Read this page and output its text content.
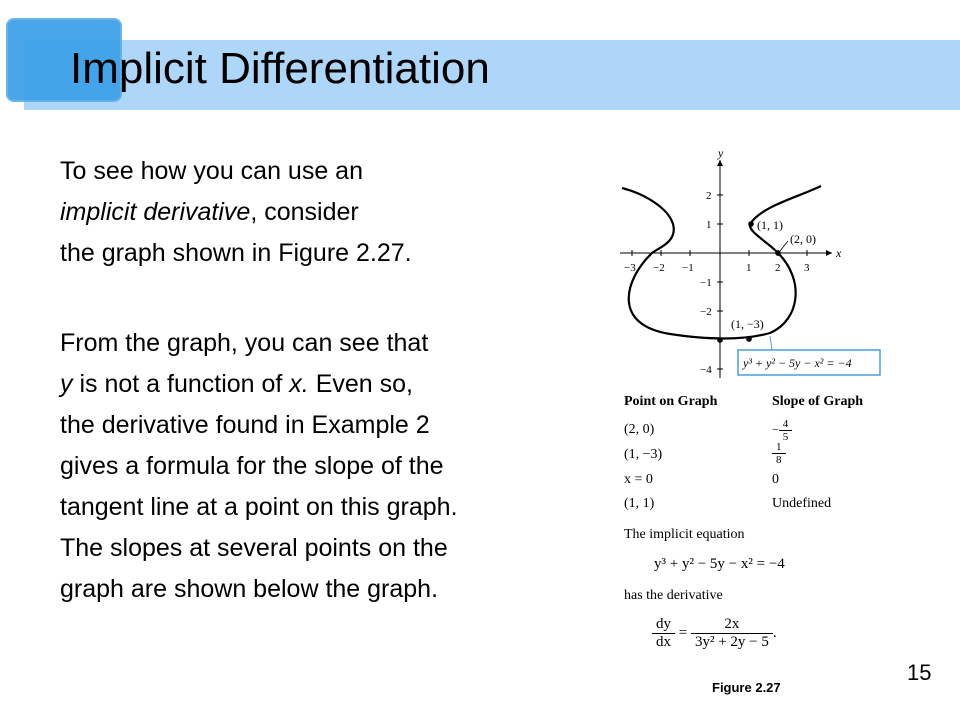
Implicit Differentiation
To see how you can use an
implicit derivative, consider
the graph shown in Figure 2.27.
From the graph, you can see that
y is not a function of x. Even so,
the derivative found in Example 2
gives a formula for the slope of the
tangent line at a point on this graph.
The slopes at several points on the
graph are shown below the graph.
x
y
−3 −2 −1	1 2 3
2
1
−1
−2
−4
(1, 1)
(2, 0)
(1, −3)
y³ + y² − 5y − x² = −4
Point on Graph	Slope of Graph
(2, 0)	− $\frac{4}{5}$
(1, −3)	$\frac{1}{8}$
x = 0	0
(1, 1)	Undefined
The implicit equation
y³ + y² − 5y − x² = −4
has the derivative
$\frac{dy}{dx} = \frac{2x}{\text{3y² + 2y − 5}}$ .
Figure 2.27
15
